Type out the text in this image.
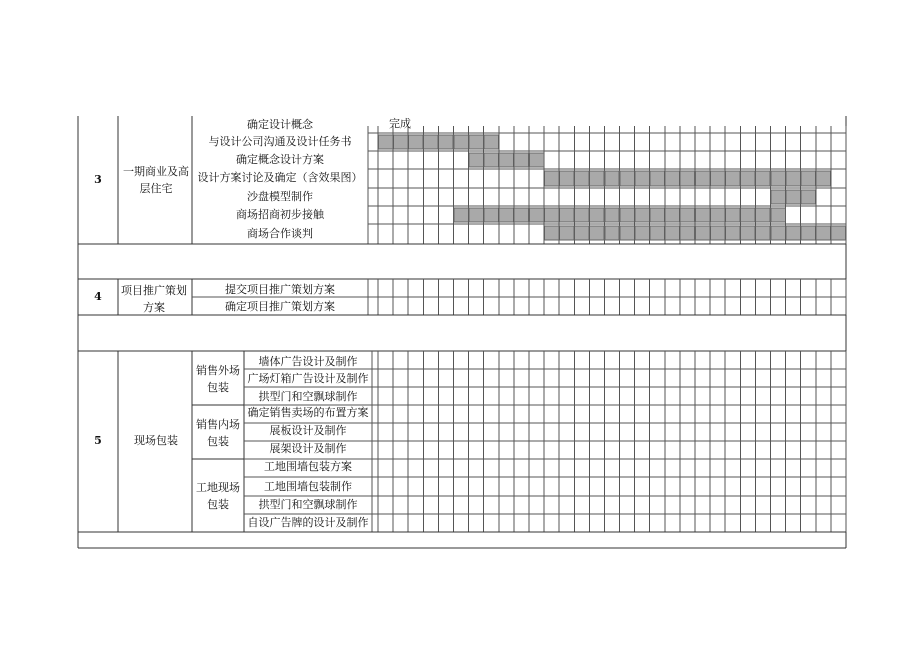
完成
3
一期商业及高层住宅
确定设计概念
与设计公司沟通及设计任务书
确定概念设计方案
设计方案讨论及确定（含效果图）
沙盘模型制作
商场招商初步接触
商场合作谈判
4	项目推广策划方案
提交项目推广策划方案
确定项目推广策划方案
5	现场包装
销售外场包装
销售内场包装
工地现场包装
墙体广告设计及制作
广场灯箱广告设计及制作
拱型门和空飘球制作
确定销售卖场的布置方案
展板设计及制作
展架设计及制作
工地围墙包装方案
工地围墙包装制作
拱型门和空飘球制作
自设广告牌的设计及制作
